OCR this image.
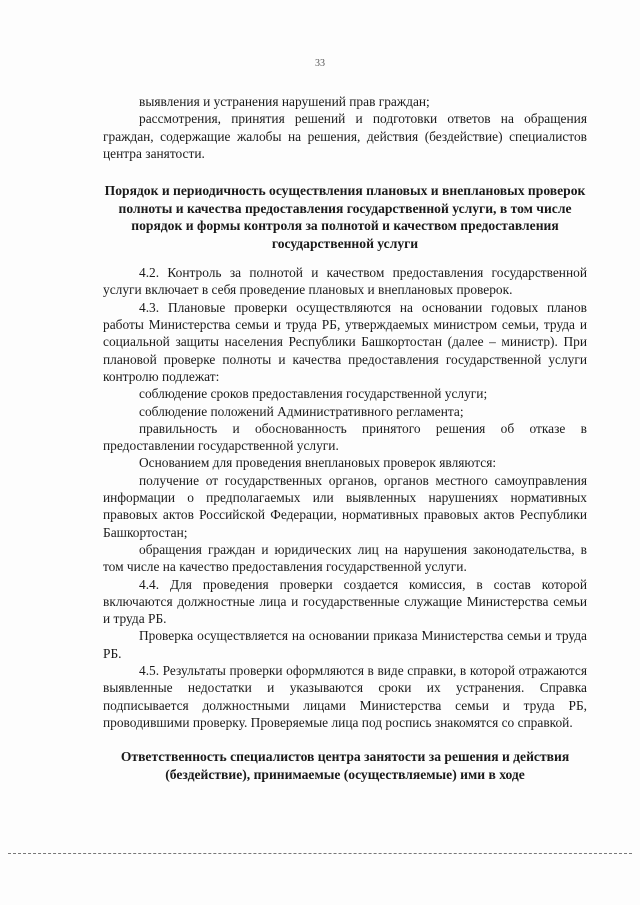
33

выявления и устранения нарушений прав граждан;

рассмотрения, принятия решений и подготовки ответов на обращения граждан, содержащие жалобы на решения, действия (бездействие) специалистов центра занятости.

Порядок и периодичность осуществления плановых и внеплановых проверок полноты и качества предоставления государственной услуги, в том числе порядок и формы контроля за полнотой и качеством предоставления государственной услуги

4.2. Контроль за полнотой и качеством предоставления государственной услуги включает в себя проведение плановых и внеплановых проверок.

4.3. Плановые проверки осуществляются на основании годовых планов работы Министерства семьи и труда РБ, утверждаемых министром семьи, труда и социальной защиты населения Республики Башкортостан (далее – министр). При плановой проверке полноты и качества предоставления государственной услуги контролю подлежат:

соблюдение сроков предоставления государственной услуги;

соблюдение положений Административного регламента;

правильность и обоснованность принятого решения об отказе в предоставлении государственной услуги.

Основанием для проведения внеплановых проверок являются:

получение от государственных органов, органов местного самоуправления информации о предполагаемых или выявленных нарушениях нормативных правовых актов Российской Федерации, нормативных правовых актов Республики Башкортостан;

обращения граждан и юридических лиц на нарушения законодательства, в том числе на качество предоставления государственной услуги.

4.4. Для проведения проверки создается комиссия, в состав которой включаются должностные лица и государственные служащие Министерства семьи и труда РБ.

Проверка осуществляется на основании приказа Министерства семьи и труда РБ.

4.5. Результаты проверки оформляются в виде справки, в которой отражаются выявленные недостатки и указываются сроки их устранения. Справка подписывается должностными лицами Министерства семьи и труда РБ, проводившими проверку. Проверяемые лица под роспись знакомятся со справкой.

Ответственность специалистов центра занятости за решения и действия (бездействие), принимаемые (осуществляемые) ими в ходе
